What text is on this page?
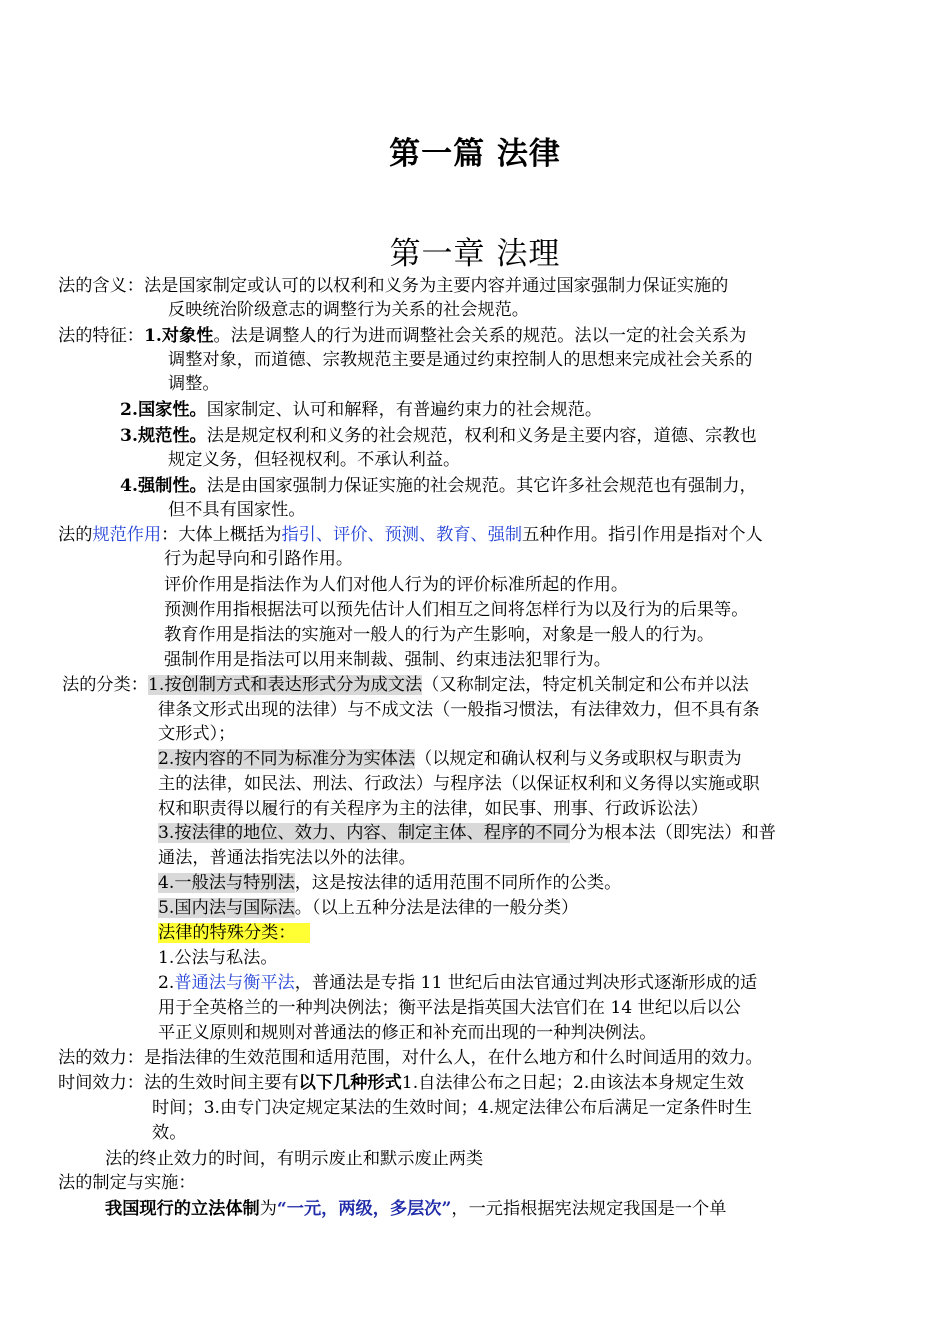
第一篇 法律
第一章 法理
法的含义：法是国家制定或认可的以权利和义务为主要内容并通过国家强制力保证实施的
反映统治阶级意志的调整行为关系的社会规范。
法的特征：1.对象性。法是调整人的行为进而调整社会关系的规范。法以一定的社会关系为
调整对象，而道德、宗教规范主要是通过约束控制人的思想来完成社会关系的
调整。
2.国家性。国家制定、认可和解释，有普遍约束力的社会规范。
3.规范性。法是规定权利和义务的社会规范，权利和义务是主要内容，道德、宗教也
规定义务，但轻视权利。不承认利益。
4.强制性。法是由国家强制力保证实施的社会规范。其它许多社会规范也有强制力，
但不具有国家性。
法的规范作用：大体上概括为指引、评价、预测、教育、强制五种作用。指引作用是指对个人
行为起导向和引路作用。
评价作用是指法作为人们对他人行为的评价标准所起的作用。
预测作用指根据法可以预先估计人们相互之间将怎样行为以及行为的后果等。
教育作用是指法的实施对一般人的行为产生影响，对象是一般人的行为。
强制作用是指法可以用来制裁、强制、约束违法犯罪行为。
法的分类：1.按创制方式和表达形式分为成文法（又称制定法，特定机关制定和公布并以法
律条文形式出现的法律）与不成文法（一般指习惯法，有法律效力，但不具有条
文形式）；
2.按内容的不同为标准分为实体法（以规定和确认权利与义务或职权与职责为
主的法律，如民法、刑法、行政法）与程序法（以保证权利和义务得以实施或职
权和职责得以履行的有关程序为主的法律，如民事、刑事、行政诉讼法）
3.按法律的地位、效力、内容、制定主体、程序的不同分为根本法（即宪法）和普
通法，普通法指宪法以外的法律。
4.一般法与特别法，这是按法律的适用范围不同所作的公类。
5.国内法与国际法。（以上五种分法是法律的一般分类）
法律的特殊分类：
1.公法与私法。
2.普通法与衡平法，普通法是专指 11 世纪后由法官通过判决形式逐渐形成的适
用于全英格兰的一种判决例法；衡平法是指英国大法官们在 14 世纪以后以公
平正义原则和规则对普通法的修正和补充而出现的一种判决例法。
法的效力：是指法律的生效范围和适用范围，对什么人，在什么地方和什么时间适用的效力。
时间效力：法的生效时间主要有以下几种形式1.自法律公布之日起；2.由该法本身规定生效
时间；3.由专门决定规定某法的生效时间；4.规定法律公布后满足一定条件时生
效。
法的终止效力的时间，有明示废止和默示废止两类
法的制定与实施：
我国现行的立法体制为“一元，两级，多层次”，一元指根据宪法规定我国是一个单
